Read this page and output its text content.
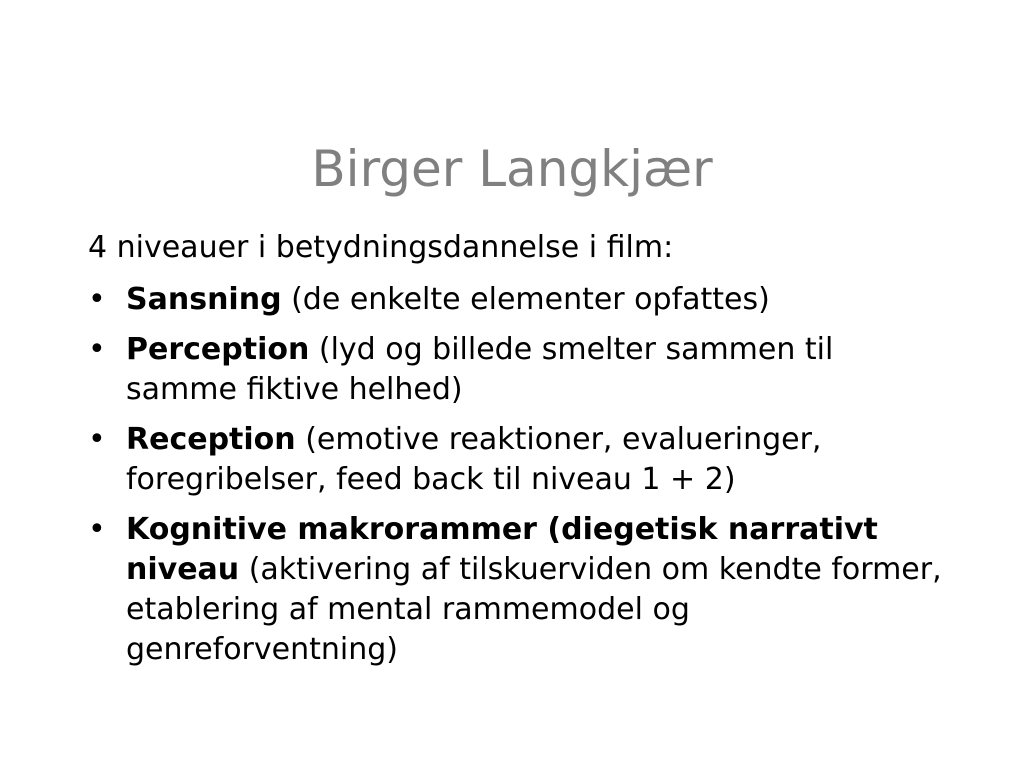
Birger Langkjær
4 niveauer i betydningsdannelse i film:
• Sansning (de enkelte elementer opfattes)
• Perception (lyd og billede smelter sammen til samme fiktive helhed)
• Reception (emotive reaktioner, evalueringer, foregribelser, feed back til niveau 1 + 2)
• Kognitive makrorammer (diegetisk narrativt niveau (aktivering af tilskuerviden om kendte former, etablering af mental rammemodel og genreforventning)
